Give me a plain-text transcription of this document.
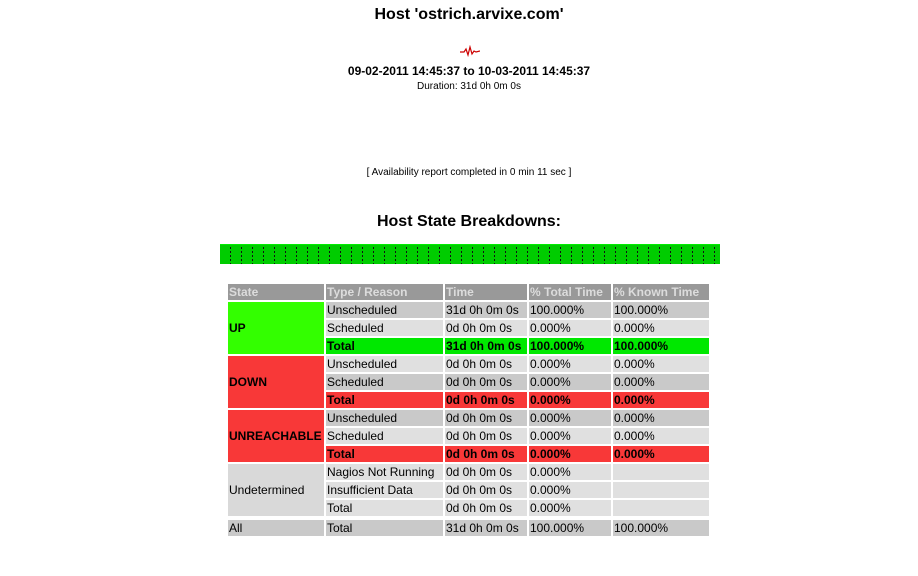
Host 'ostrich.arvixe.com'
09-02-2011 14:45:37 to 10-03-2011 14:45:37
Duration: 31d 0h 0m 0s
[ Availability report completed in 0 min 11 sec ]
Host State Breakdowns:
State	Type / Reason	Time	% Total Time	% Known Time
UP	Unscheduled	31d 0h 0m 0s	100.000%	100.000%
	Scheduled	0d 0h 0m 0s	0.000%	0.000%
	Total	31d 0h 0m 0s	100.000%	100.000%
DOWN	Unscheduled	0d 0h 0m 0s	0.000%	0.000%
	Scheduled	0d 0h 0m 0s	0.000%	0.000%
	Total	0d 0h 0m 0s	0.000%	0.000%
UNREACHABLE	Unscheduled	0d 0h 0m 0s	0.000%	0.000%
	Scheduled	0d 0h 0m 0s	0.000%	0.000%
	Total	0d 0h 0m 0s	0.000%	0.000%
Undetermined	Nagios Not Running	0d 0h 0m 0s	0.000%	
	Insufficient Data	0d 0h 0m 0s	0.000%	
	Total	0d 0h 0m 0s	0.000%	

All	Total	31d 0h 0m 0s	100.000%	100.000%
